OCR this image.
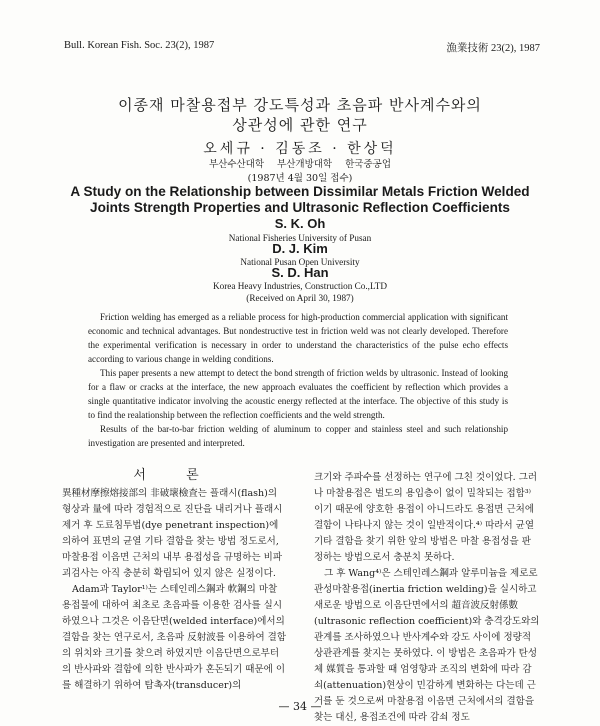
Bull. Korean Fish. Soc. 23(2), 1987	漁業技術 23(2), 1987
이종재 마찰용접부 강도특성과 초음파 반사계수와의
상관성에 관한 연구
오세규 · 김동조 · 한상덕
부산수산대학 부산개방대학 한국중공업
(1987년 4월 30일 접수)
A Study on the Relationship between Dissimilar Metals Friction Welded
Joints Strength Properties and Ultrasonic Reflection Coefficients
S. K. Oh
National Fisheries University of Pusan
D. J. Kim
National Pusan Open University
S. D. Han
Korea Heavy Industries, Construction Co.,LTD
(Received on April 30, 1987)

Friction welding has emerged as a reliable process for high-production commercial application with significant economic and technical advantages. But nondestructive test in friction weld was not clearly developed. Therefore the experimental verification is necessary in order to understand the characteristics of the pulse echo effects according to various change in welding conditions.

This paper presents a new attempt to detect the bond strength of friction welds by ultrasonic. Instead of looking for a flaw or cracks at the interface, the new approach evaluates the coefficient by reflection which provides a single quantitative indicator involving the acoustic energy reflected at the interface. The objective of this study is to find the realationship between the reflection coefficients and the weld strength.

Results of the bar-to-bar friction welding of aluminum to copper and stainless steel and such relationship investigation are presented and interpreted.

서 론

異種材摩擦熔接部의 非破壞檢査는 플래시(flash)의 형상과 量에 따라 경험적으로 진단을 내리거나 플래시 제거 후 도료침투법(dye penetrant inspection)에 의하여 표면의 균열 기타 결함을 찾는 방법 정도로서, 마찰용접 이음면 근처의 내부 용접성을 규명하는 비파괴검사는 아직 충분히 확립되어 있지 않은 실정이다.

Adam과 Taylor¹⁾는 스테인레스鋼과 軟鋼의 마찰 용접물에 대하여 최초로 초음파를 이용한 검사를 실시하였으나 그것은 이음단면(welded interface)에서의 결함을 찾는 연구로서, 초음파 反射波를 이용하여 결함의 위치와 크기를 찾으려 하였지만 이음단면으로부터의 반사파와 결함에 의한 반사파가 혼돈되기 때문에 이를 해결하기 위하여 탐촉자(transducer)의

크기와 주파수를 선정하는 연구에 그친 것이었다. 그러나 마찰용접은 벌도의 용입층이 없이 밀착되는 접합³⁾이기 때문에 양호한 용접이 아니드라도 용접면 근처에 결함이 나타나지 않는 것이 일반적이다.⁴⁾ 따라서 균열 기타 결함을 찾기 위한 앞의 방법은 마찰 용접성을 판정하는 방법으로서 충분치 못하다.

그 후 Wang⁴⁾은 스테인레스鋼과 알루미늄을 제로로 관성마찰용접(inertia friction welding)을 실시하고 새로운 방법으로 이음단면에서의 超音波反射係數(ultrasonic reflection coefficient)와 충격강도와의 관계를 조사하였으나 반사계수와 강도 사이에 정량적 상관관계를 찾지는 못하였다. 이 방법은 초음파가 탄성체 媒質을 통과할 때 엄영향과 조직의 변화에 따라 감쇠(attenuation)현상이 민감하게 변화하는 다는데 근거를 둔 것으로써 마찰용접 이음면 근처에서의 결함을 찾는 대신, 용접조건에 따라 감쇠 정도

— 34 —
